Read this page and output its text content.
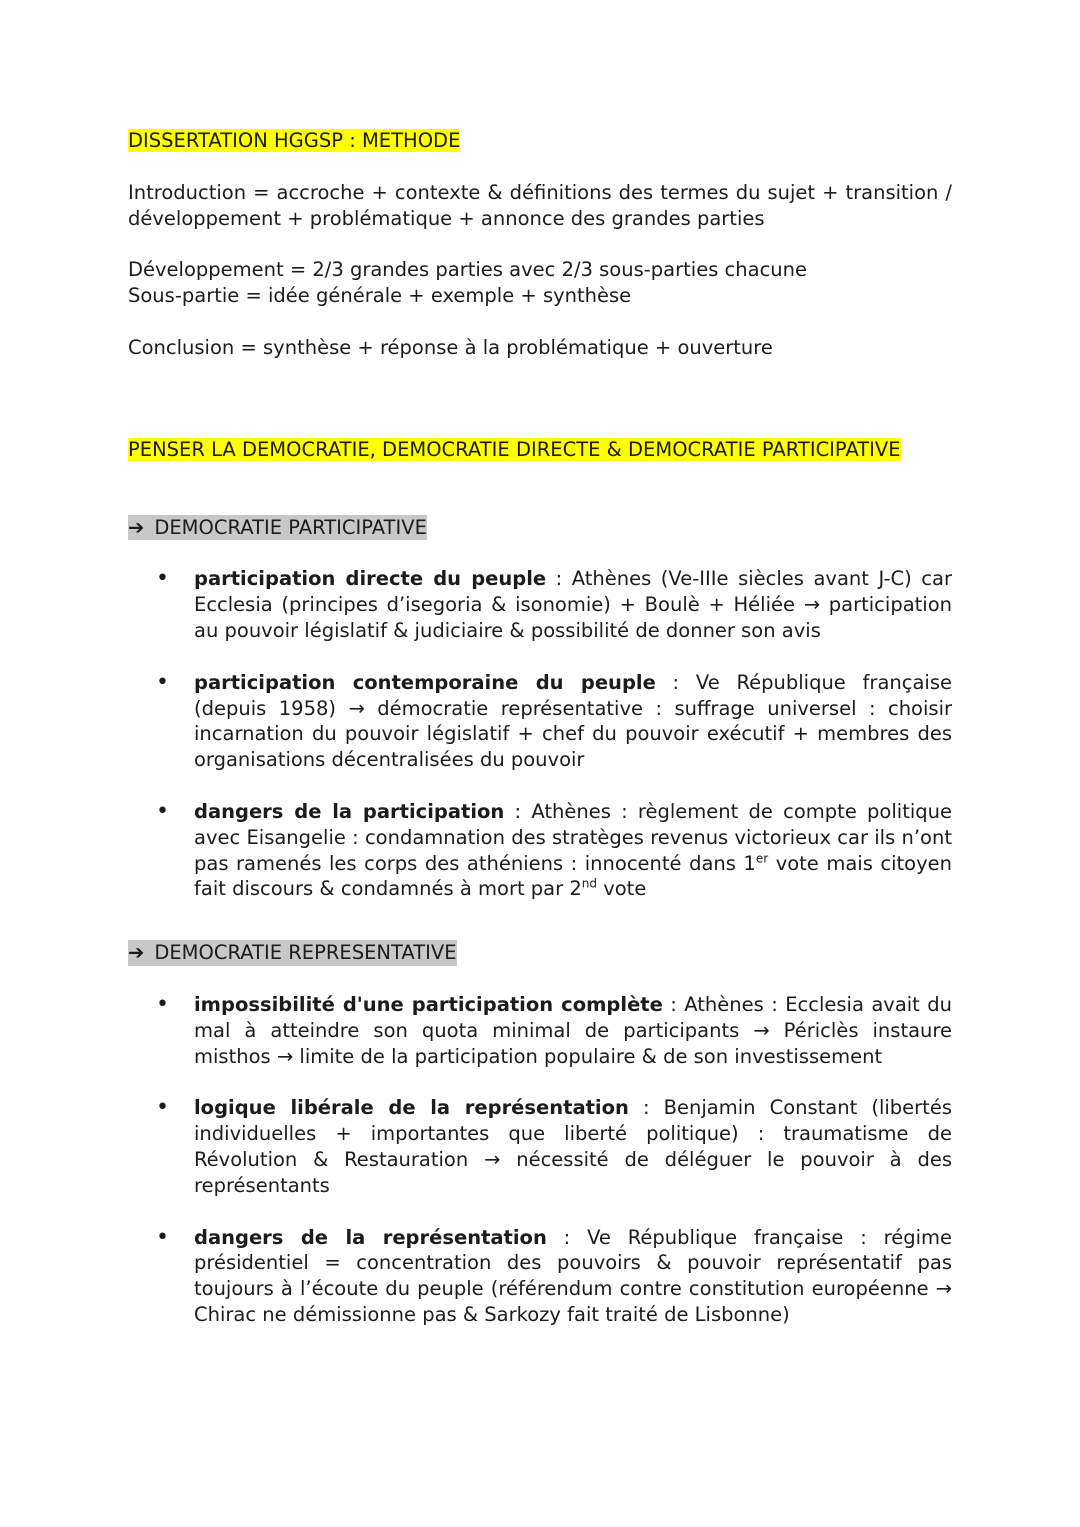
DISSERTATION HGGSP : METHODE

Introduction = accroche + contexte & définitions des termes du sujet + transition / développement + problématique + annonce des grandes parties

Développement = 2/3 grandes parties avec 2/3 sous-parties chacune

Sous-partie = idée générale + exemple + synthèse

Conclusion = synthèse + réponse à la problématique + ouverture

PENSER LA DEMOCRATIE, DEMOCRATIE DIRECTE & DEMOCRATIE PARTICIPATIVE

➔ DEMOCRATIE PARTICIPATIVE

• participation directe du peuple : Athènes (Ve-IIIe siècles avant J-C) car Ecclesia (principes d’isegoria & isonomie) + Boulè + Héliée → participation au pouvoir législatif & judiciaire & possibilité de donner son avis
• participation contemporaine du peuple : Ve République française (depuis 1958) → démocratie représentative : suffrage universel : choisir incarnation du pouvoir législatif + chef du pouvoir exécutif + membres des organisations décentralisées du pouvoir
• dangers de la participation : Athènes : règlement de compte politique avec Eisangelie : condamnation des stratèges revenus victorieux car ils n’ont pas ramenés les corps des athéniens : innocenté dans 1er vote mais citoyen fait discours & condamnés à mort par 2nd vote

➔ DEMOCRATIE REPRESENTATIVE

• impossibilité d'une participation complète : Athènes : Ecclesia avait du mal à atteindre son quota minimal de participants → Périclès instaure misthos → limite de la participation populaire & de son investissement
• logique libérale de la représentation : Benjamin Constant (libertés individuelles + importantes que liberté politique) : traumatisme de Révolution & Restauration → nécessité de déléguer le pouvoir à des représentants
• dangers de la représentation : Ve République française : régime présidentiel = concentration des pouvoirs & pouvoir représentatif pas toujours à l’écoute du peuple (référendum contre constitution européenne → Chirac ne démissionne pas & Sarkozy fait traité de Lisbonne)
